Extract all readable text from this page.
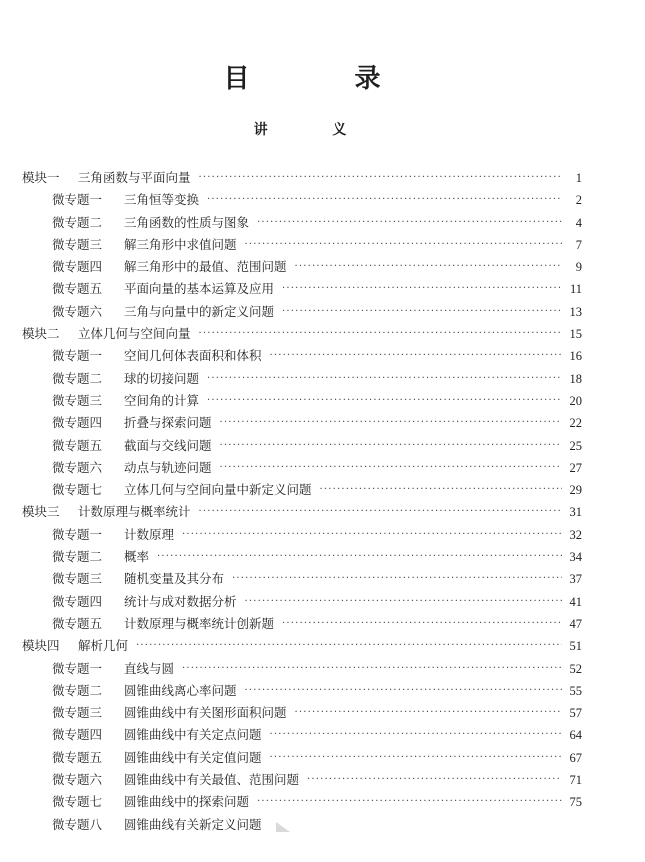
目 录
讲 义
模块一	三角函数与平面向量 ·····	1
微专题一	三角恒等变换 ·····	2
微专题二	三角函数的性质与图象 ·····	4
微专题三	解三角形中求值问题 ·····	7
微专题四	解三角形中的最值、范围问题 ·····	9
微专题五	平面向量的基本运算及应用 ·····	11
微专题六	三角与向量中的新定义问题 ·····	13
模块二	立体几何与空间向量 ·····	15
微专题一	空间几何体表面积和体积 ·····	16
微专题二	球的切接问题 ·····	18
微专题三	空间角的计算 ·····	20
微专题四	折叠与探索问题 ·····	22
微专题五	截面与交线问题 ·····	25
微专题六	动点与轨迹问题 ·····	27
微专题七	立体几何与空间向量中新定义问题 ·····	29
模块三	计数原理与概率统计 ·····	31
微专题一	计数原理 ·····	32
微专题二	概率 ·····	34
微专题三	随机变量及其分布 ·····	37
微专题四	统计与成对数据分析 ·····	41
微专题五	计数原理与概率统计创新题 ·····	47
模块四	解析几何 ·····	51
微专题一	直线与圆 ·····	52
微专题二	圆锥曲线离心率问题 ·····	55
微专题三	圆锥曲线中有关图形面积问题 ·····	57
微专题四	圆锥曲线中有关定点问题 ·····	64
微专题五	圆锥曲线中有关定值问题 ·····	67
微专题六	圆锥曲线中有关最值、范围问题 ·····	71
微专题七	圆锥曲线中的探索问题 ·····	75
微专题八	圆锥曲线有关新定义问题
